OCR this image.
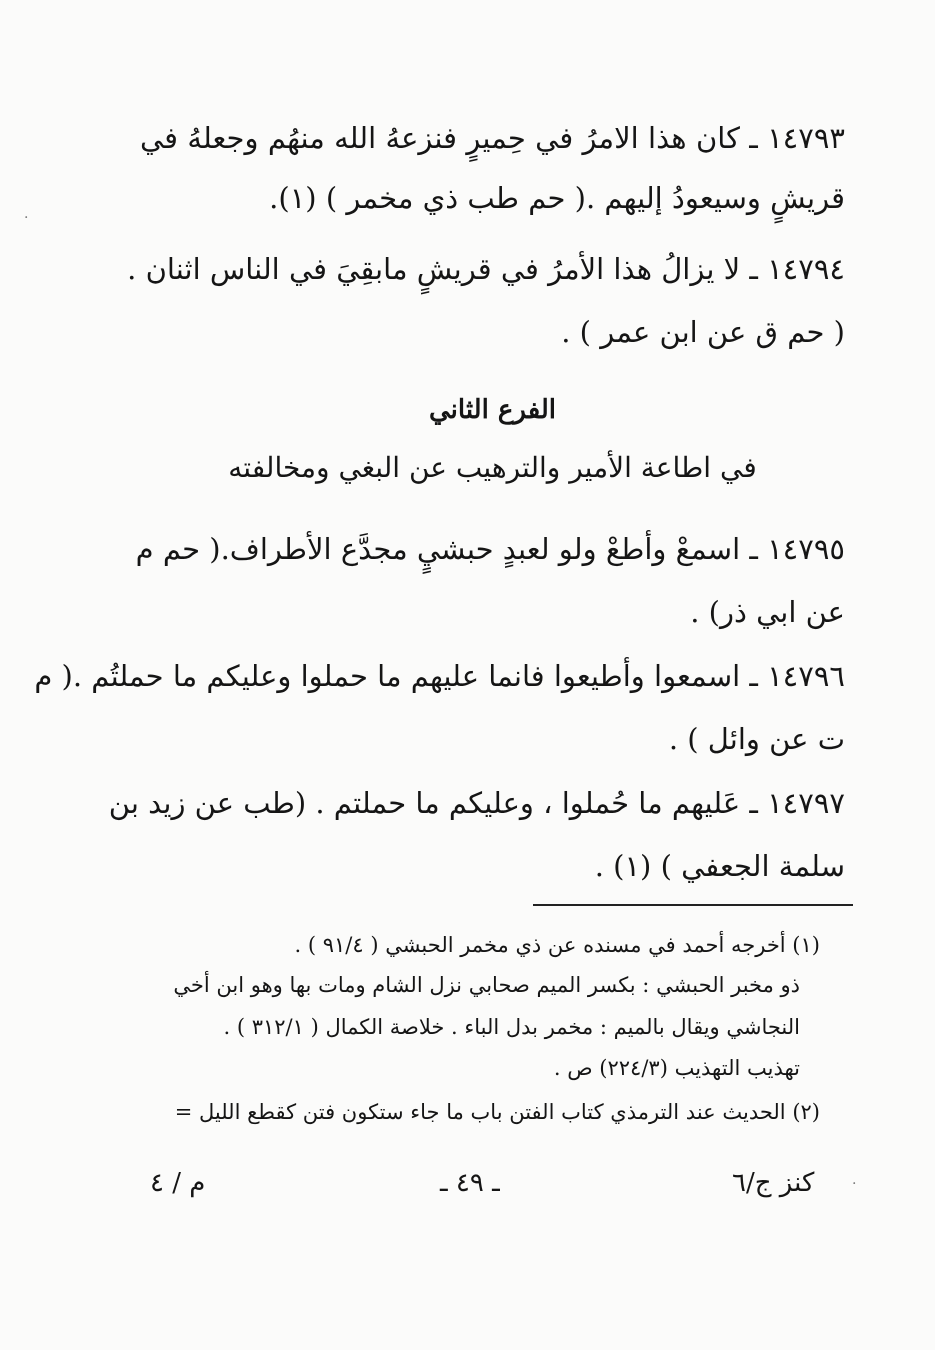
١٤٧٩٣ ـ كان هذا الامرُ في حِميرٍ فنزعهُ الله منهُم وجعلهُ في
قريشٍ وسيعودُ إليهم .( حم طب ذي مخمر ) (١).
١٤٧٩٤ ـ لا يزالُ هذا الأمرُ في قريشٍ مابقِيَ في الناس اثنان .
( حم ق عن ابن عمر ) .
الفرع الثاني
في اطاعة الأمير والترهيب عن البغي ومخالفته
١٤٧٩٥ ـ اسمعْ وأطعْ ولو لعبدٍ حبشيٍ مجدَّع الأطراف.( حم م
عن ابي ذر) .
١٤٧٩٦ ـ اسمعوا وأطيعوا فانما عليهم ما حملوا وعليكم ما حملتُم .( م
ت عن وائل ) .
١٤٧٩٧ ـ عَليهم ما حُملوا ، وعليكم ما حملتم . (طب عن زيد بن
سلمة الجعفي ) (١) .
(١) أخرجه أحمد في مسنده عن ذي مخمر الحبشي ( ٩١/٤ ) .
ذو مخبر الحبشي : بكسر الميم صحابي نزل الشام ومات بها وهو ابن أخي
النجاشي ويقال بالميم : مخمر بدل الباء . خلاصة الكمال ( ٣١٢/١ ) .
تهذيب التهذيب (٢٢٤/٣) ص .
(٢) الحديث عند الترمذي كتاب الفتن باب ما جاء ستكون فتن كقطع الليل =
م / ٤	ـ ٤٩ ـ	كنز ج/٦
·
.
